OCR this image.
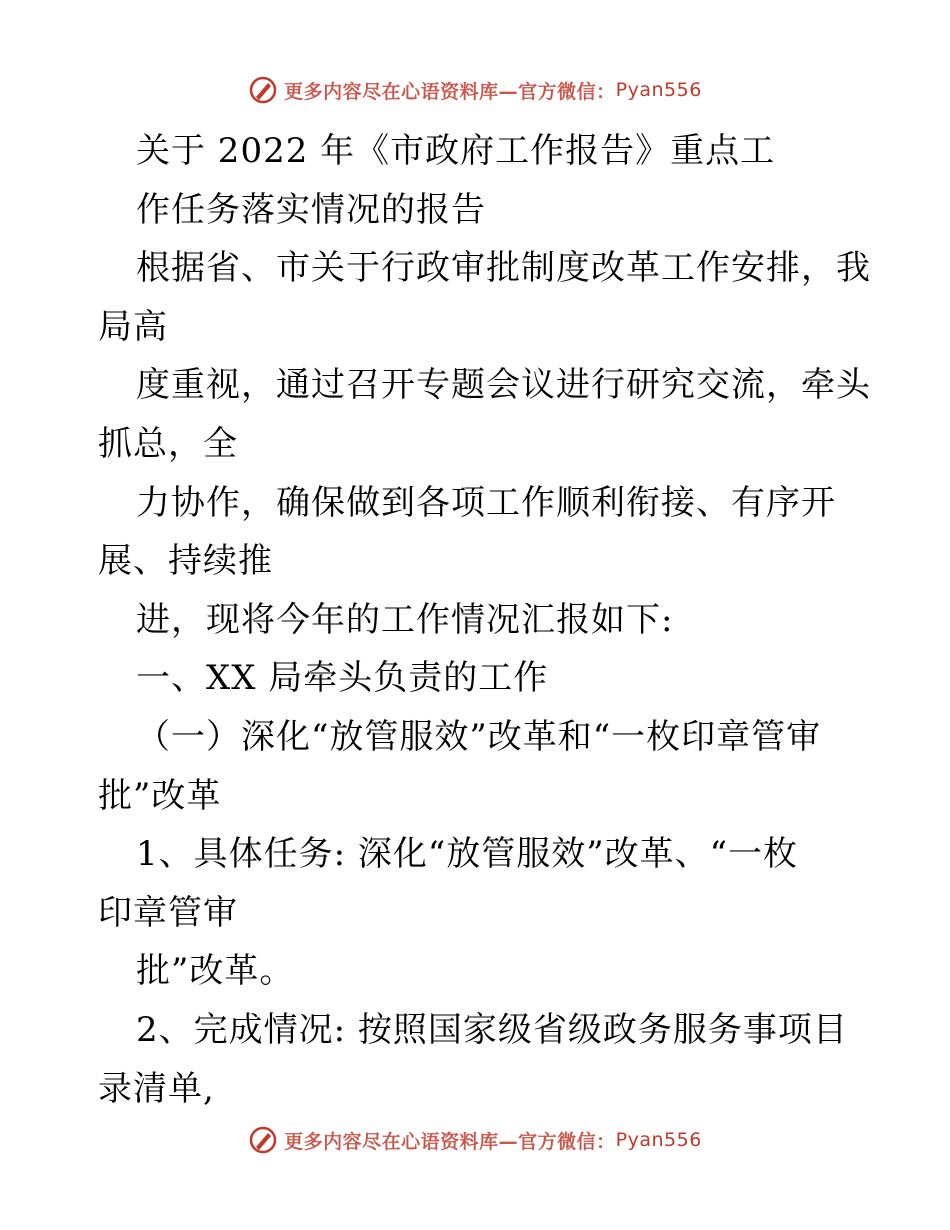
更多内容尽在心语资料库—官方微信： Pyan556
关于 2022 年《市政府工作报告》重点工
作任务落实情况的报告
根据省、市关于行政审批制度改革工作安排，我
局高
度重视，通过召开专题会议进行研究交流，牵头
抓总，全
力协作，确保做到各项工作顺利衔接、有序开
展、持续推
进，现将今年的工作情况汇报如下:
一、XX 局牵头负责的工作
（一）深化“放管服效”改革和“一枚印章管审
批”改革
1、具体任务: 深化“放管服效”改革、“一枚
印章管审
批”改革。
2、完成情况: 按照国家级省级政务服务事项目
录清单,
更多内容尽在心语资料库—官方微信： Pyan556
